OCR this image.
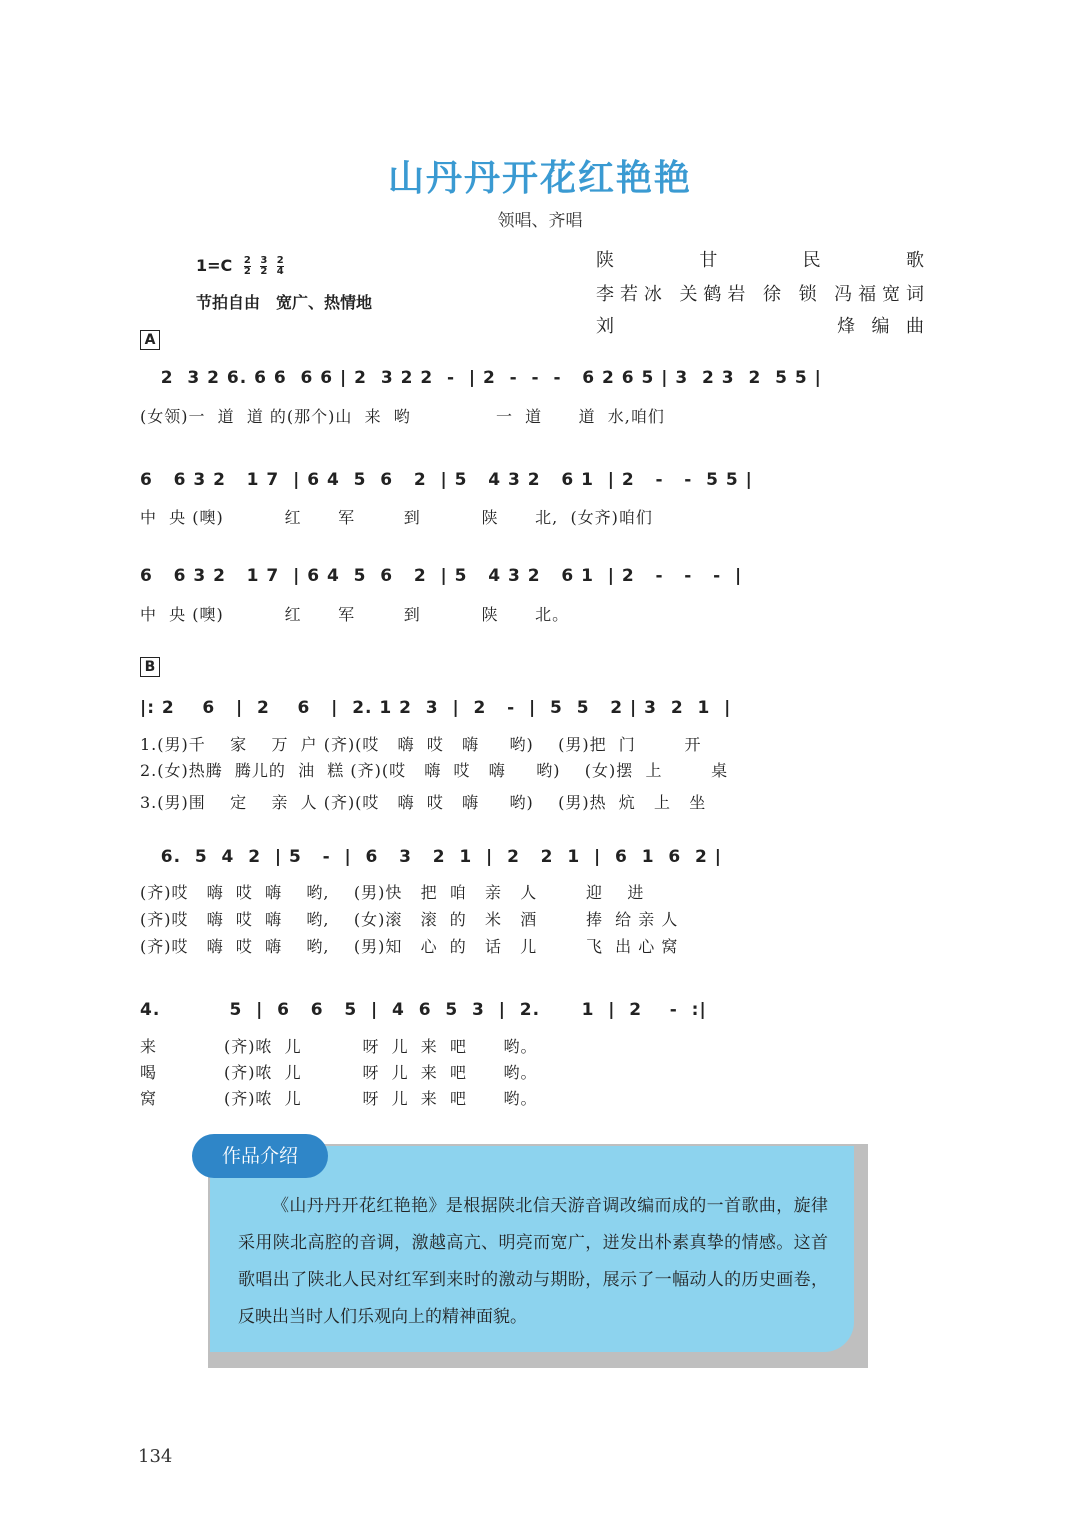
山丹丹开花红艳艳
领唱、齐唱
$1=C \frac{2}{2} \frac{3}{2} \frac{2}{4}$
节拍自由　宽广、热情地
陕甘民歌
李若冰 关鹤岩 徐 锁 冯福宽词
刘　　　　　　烽编曲
A
2  3 2 6. 6 6  6 6 | 2  3 2 2  -  | 2  -  -  -   6 2 6 5 | 3  2 3  2  5 5 |
(女领)一  道  道 的(那个)山  来  哟              一  道      道  水,咱们
6   6 3 2   1 7  | 6 4  5  6   2  | 5   4 3 2   6 1  | 2   -   -  5 5 |
中  央 (噢)          红      军        到          陕      北,  (女齐)咱们
6   6 3 2   1 7  | 6 4  5  6   2  | 5   4 3 2   6 1  | 2   -   -   -  |
中  央 (噢)          红      军        到          陕      北。
B
|: 2    6   |  2    6   |  2. 1 2  3  |  2   -  |  5  5   2 | 3  2  1  |
1.(男)千    家    万  户 (齐)(哎   嗨  哎   嗨     哟)    (男)把  门        开
2.(女)热腾  腾儿的  油  糕 (齐)(哎   嗨  哎   嗨     哟)    (女)摆  上        桌
3.(男)围    定    亲  人 (齐)(哎   嗨  哎   嗨     哟)    (男)热  炕   上   坐
6.  5  4  2  | 5   -  |  6   3   2  1  |  2   2  1  |  6  1  6  2 |
(齐)哎   嗨  哎  嗨    哟,    (男)快   把  咱   亲   人        迎    进
(齐)哎   嗨  哎  嗨    哟,    (女)滚   滚  的   米   酒        捧  给 亲 人
(齐)哎   嗨  哎  嗨    哟,    (男)知   心  的   话   儿        飞  出 心 窝
4.          5  |  6   6   5  |  4  6  5  3  |  2.      1  |  2    -  :|
来           (齐)哝  儿          呀  儿  来  吧      哟。
喝           (齐)哝  儿          呀  儿  来  吧      哟。
窝           (齐)哝  儿          呀  儿  来  吧      哟。
作品介绍
《山丹丹开花红艳艳》是根据陕北信天游音调改编而成的一首歌曲，旋律采用陕北高腔的音调，激越高亢、明亮而宽广，迸发出朴素真挚的情感。这首歌唱出了陕北人民对红军到来时的激动与期盼，展示了一幅动人的历史画卷，反映出当时人们乐观向上的精神面貌。
134
